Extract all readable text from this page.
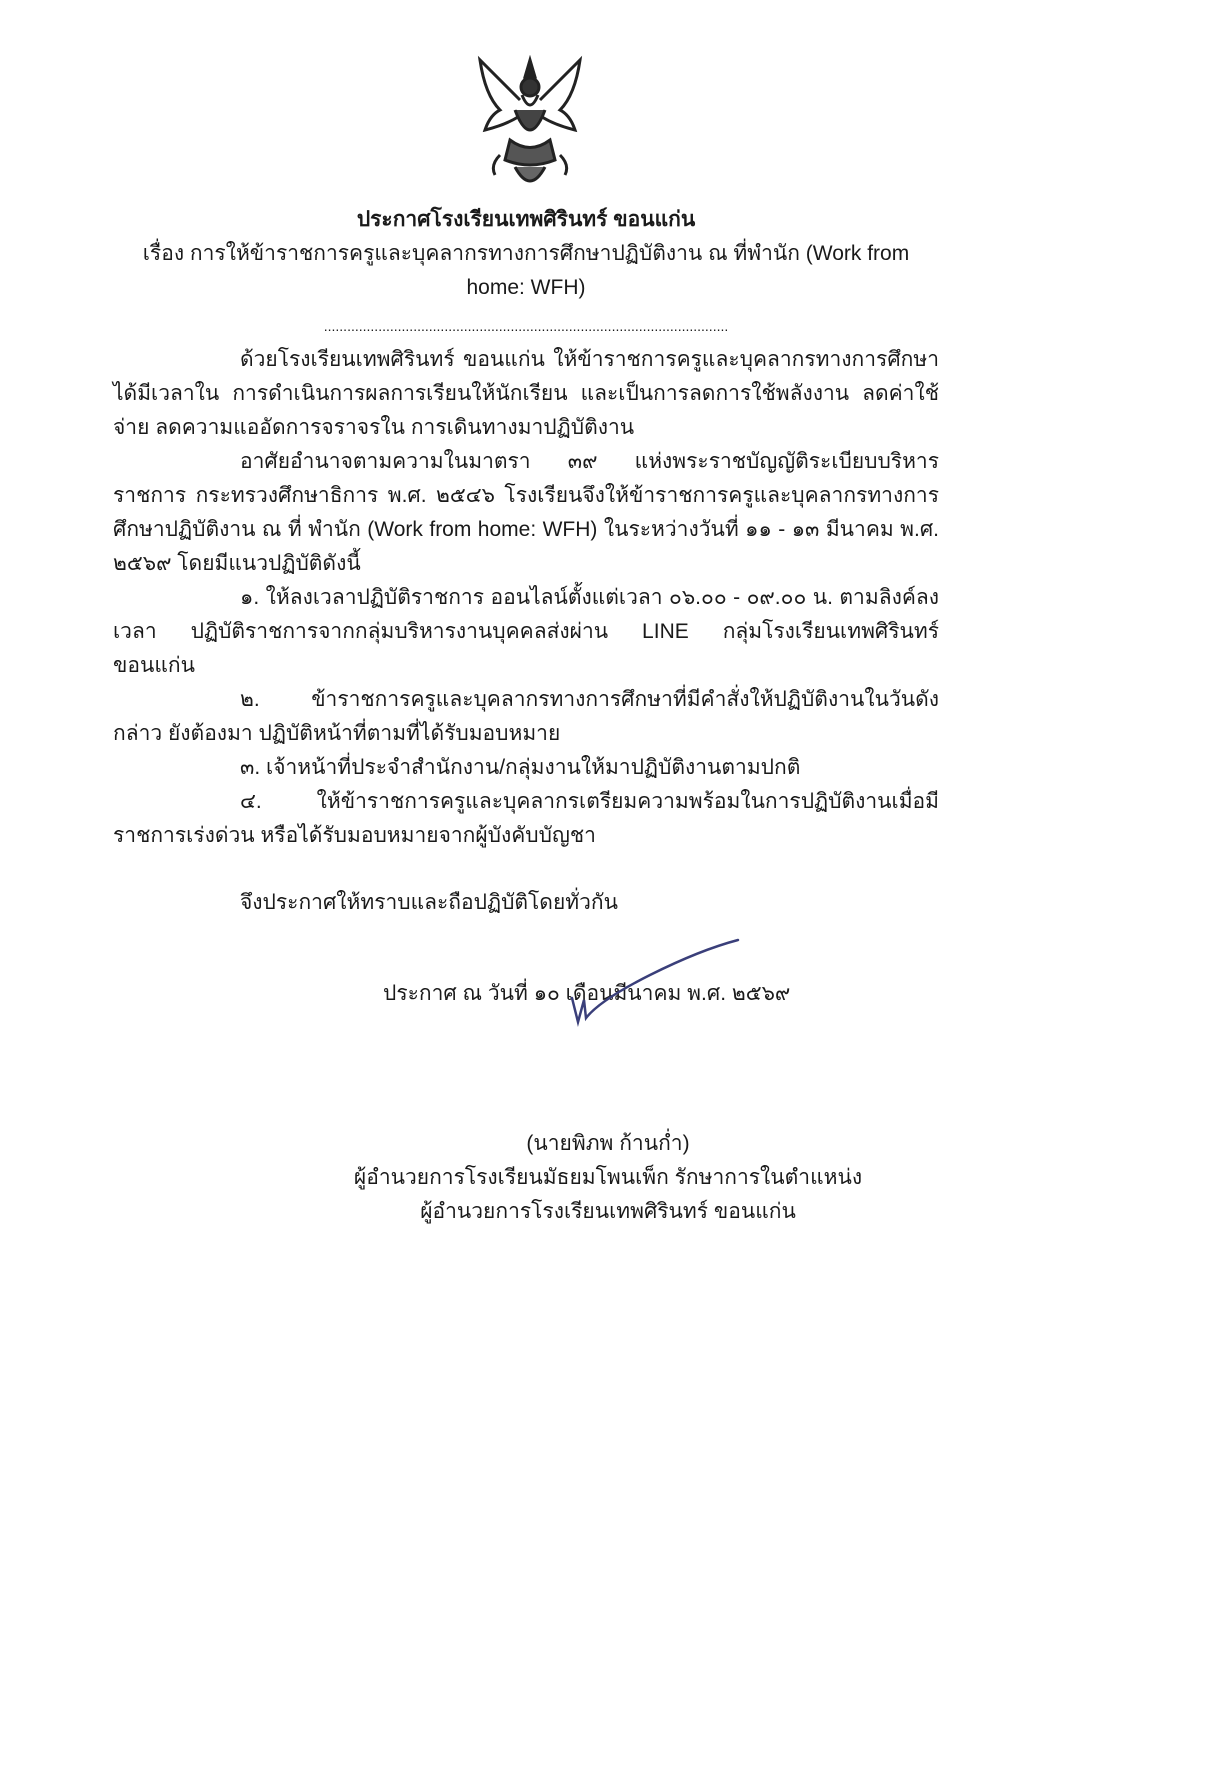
ประกาศโรงเรียนเทพศิรินทร์ ขอนแก่น

เรื่อง การให้ข้าราชการครูและบุคลากรทางการศึกษาปฏิบัติงาน ณ ที่พำนัก (Work from home: WFH)

........................................................................................................

ด้วยโรงเรียนเทพศิรินทร์ ขอนแก่น ให้ข้าราชการครูและบุคลากรทางการศึกษาได้มีเวลาใน การดำเนินการผลการเรียนให้นักเรียน และเป็นการลดการใช้พลังงาน ลดค่าใช้จ่าย ลดความแออัดการจราจรใน การเดินทางมาปฏิบัติงาน

อาศัยอำนาจตามความในมาตรา ๓๙ แห่งพระราชบัญญัติระเบียบบริหารราชการ กระทรวงศึกษาธิการ พ.ศ. ๒๕๔๖ โรงเรียนจึงให้ข้าราชการครูและบุคลากรทางการศึกษาปฏิบัติงาน ณ ที่ พำนัก (Work from home: WFH) ในระหว่างวันที่ ๑๑ - ๑๓ มีนาคม พ.ศ. ๒๕๖๙ โดยมีแนวปฏิบัติดังนี้

๑. ให้ลงเวลาปฏิบัติราชการ ออนไลน์ตั้งแต่เวลา ๐๖.๐๐ - ๐๙.๐๐ น. ตามลิงค์ลงเวลา ปฏิบัติราชการจากกลุ่มบริหารงานบุคคลส่งผ่าน LINE กลุ่มโรงเรียนเทพศิรินทร์ ขอนแก่น

๒. ข้าราชการครูและบุคลากรทางการศึกษาที่มีคำสั่งให้ปฏิบัติงานในวันดังกล่าว ยังต้องมา ปฏิบัติหน้าที่ตามที่ได้รับมอบหมาย

๓. เจ้าหน้าที่ประจำสำนักงาน/กลุ่มงานให้มาปฏิบัติงานตามปกติ

๔. ให้ข้าราชการครูและบุคลากรเตรียมความพร้อมในการปฏิบัติงานเมื่อมีราชการเร่งด่วน หรือได้รับมอบหมายจากผู้บังคับบัญชา

จึงประกาศให้ทราบและถือปฏิบัติโดยทั่วกัน

ประกาศ ณ วันที่ ๑๐ เดือนมีนาคม พ.ศ. ๒๕๖๙

(นายพิภพ ก้านก่ำ)

ผู้อำนวยการโรงเรียนมัธยมโพนเพ็ก รักษาการในตำแหน่ง

ผู้อำนวยการโรงเรียนเทพศิรินทร์ ขอนแก่น
